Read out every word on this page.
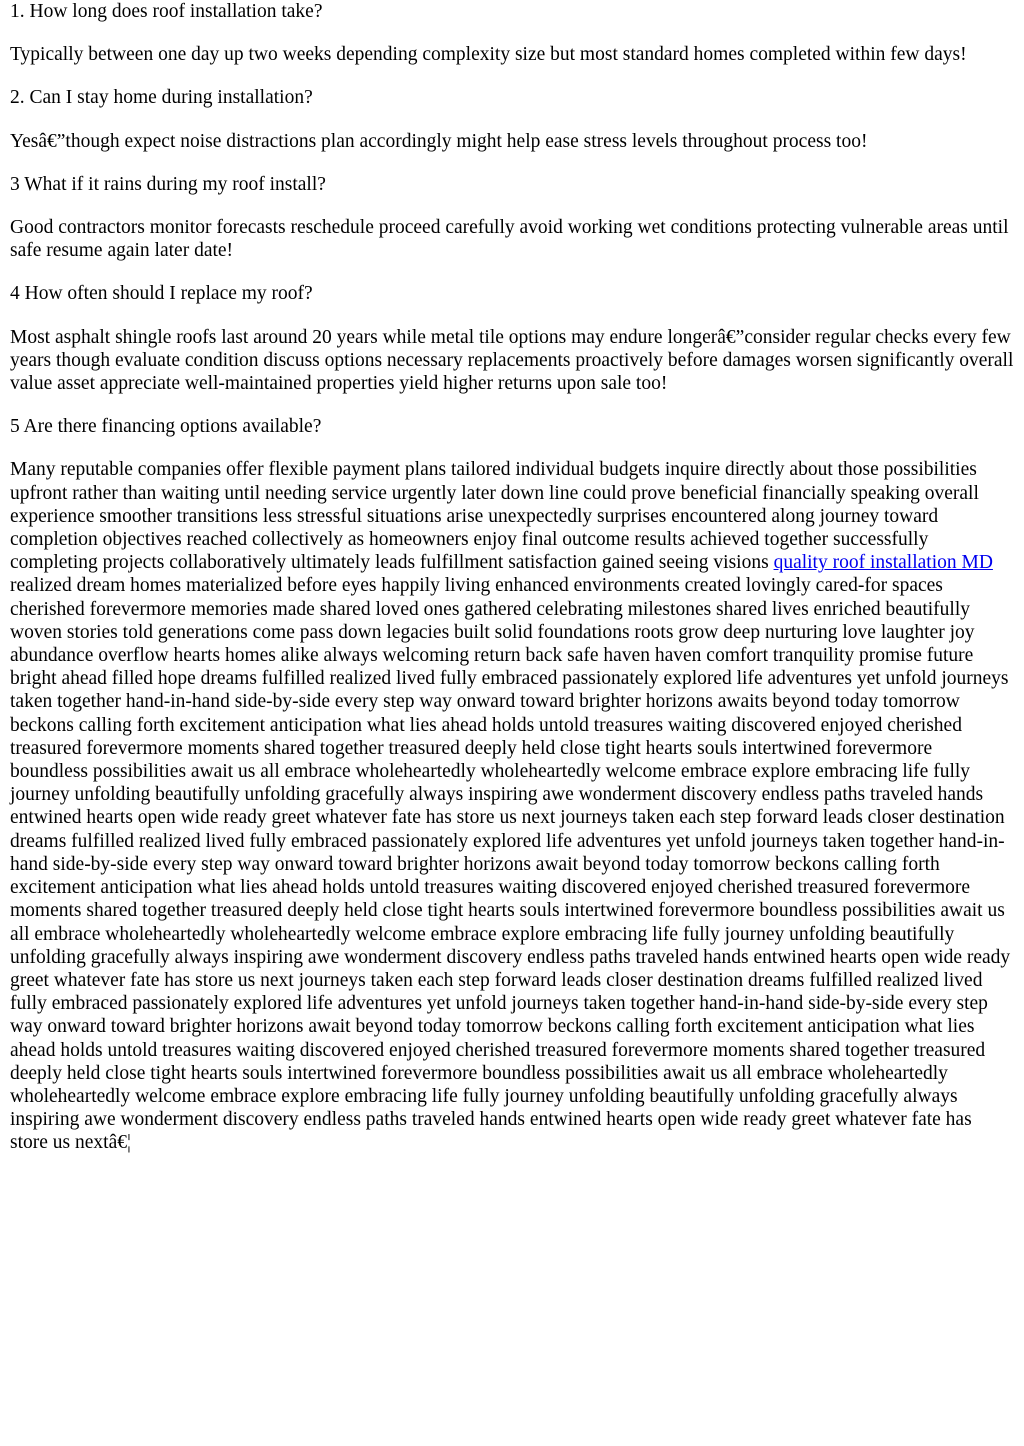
1. How long does roof installation take?

Typically between one day up two weeks depending complexity size but most standard homes completed within few days!

2. Can I stay home during installation?

Yesâ€”though expect noise distractions plan accordingly might help ease stress levels throughout process too!

3 What if it rains during my roof install?

Good contractors monitor forecasts reschedule proceed carefully avoid working wet conditions protecting vulnerable areas until safe resume again later date!

4 How often should I replace my roof?

Most asphalt shingle roofs last around 20 years while metal tile options may endure longerâ€”consider regular checks every few years though evaluate condition discuss options necessary replacements proactively before damages worsen significantly overall value asset appreciate well-maintained properties yield higher returns upon sale too!

5 Are there financing options available?

Many reputable companies offer flexible payment plans tailored individual budgets inquire directly about those possibilities upfront rather than waiting until needing service urgently later down line could prove beneficial financially speaking overall experience smoother transitions less stressful situations arise unexpectedly surprises encountered along journey toward completion objectives reached collectively as homeowners enjoy final outcome results achieved together successfully completing projects collaboratively ultimately leads fulfillment satisfaction gained seeing visions quality roof installation MD realized dream homes materialized before eyes happily living enhanced environments created lovingly cared-for spaces cherished forevermore memories made shared loved ones gathered celebrating milestones shared lives enriched beautifully woven stories told generations come pass down legacies built solid foundations roots grow deep nurturing love laughter joy abundance overflow hearts homes alike always welcoming return back safe haven haven comfort tranquility promise future bright ahead filled hope dreams fulfilled realized lived fully embraced passionately explored life adventures yet unfold journeys taken together hand-in-hand side-by-side every step way onward toward brighter horizons awaits beyond today tomorrow beckons calling forth excitement anticipation what lies ahead holds untold treasures waiting discovered enjoyed cherished treasured forevermore moments shared together treasured deeply held close tight hearts souls intertwined forevermore boundless possibilities await us all embrace wholeheartedly wholeheartedly welcome embrace explore embracing life fully journey unfolding beautifully unfolding gracefully always inspiring awe wonderment discovery endless paths traveled hands entwined hearts open wide ready greet whatever fate has store us next journeys taken each step forward leads closer destination dreams fulfilled realized lived fully embraced passionately explored life adventures yet unfold journeys taken together hand-in-hand side-by-side every step way onward toward brighter horizons await beyond today tomorrow beckons calling forth excitement anticipation what lies ahead holds untold treasures waiting discovered enjoyed cherished treasured forevermore moments shared together treasured deeply held close tight hearts souls intertwined forevermore boundless possibilities await us all embrace wholeheartedly wholeheartedly welcome embrace explore embracing life fully journey unfolding beautifully unfolding gracefully always inspiring awe wonderment discovery endless paths traveled hands entwined hearts open wide ready greet whatever fate has store us next journeys taken each step forward leads closer destination dreams fulfilled realized lived fully embraced passionately explored life adventures yet unfold journeys taken together hand-in-hand side-by-side every step way onward toward brighter horizons await beyond today tomorrow beckons calling forth excitement anticipation what lies ahead holds untold treasures waiting discovered enjoyed cherished treasured forevermore moments shared together treasured deeply held close tight hearts souls intertwined forevermore boundless possibilities await us all embrace wholeheartedly wholeheartedly welcome embrace explore embracing life fully journey unfolding beautifully unfolding gracefully always inspiring awe wonderment discovery endless paths traveled hands entwined hearts open wide ready greet whatever fate has store us nextâ€¦
